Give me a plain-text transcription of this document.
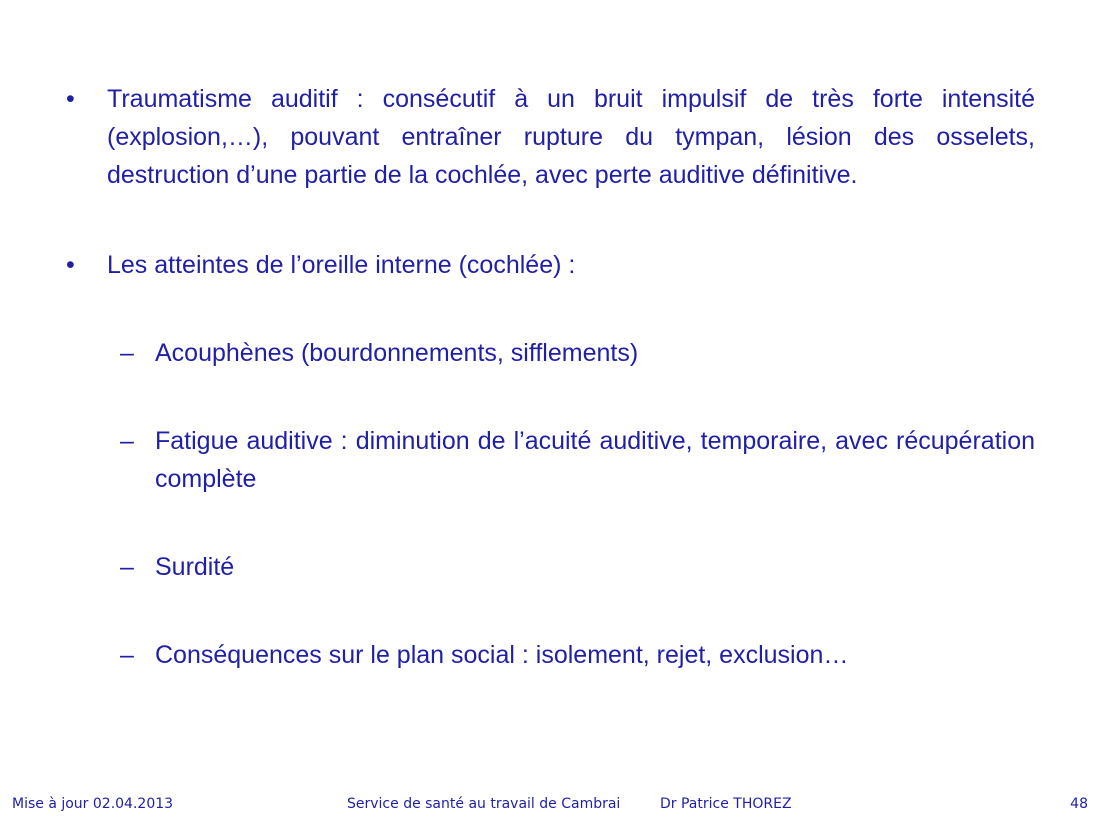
•	Traumatisme auditif : consécutif à un bruit impulsif de très forte intensité (explosion,…), pouvant entraîner rupture du tympan, lésion des osselets, destruction d’une partie de la cochlée, avec perte auditive définitive.
•	Les atteintes de l’oreille interne (cochlée) :
– Acouphènes (bourdonnements, sifflements)
– Fatigue auditive : diminution de l’acuité auditive, temporaire, avec récupération complète
– Surdité
– Conséquences sur le plan social : isolement, rejet, exclusion…
Mise à jour 02.04.2013	Service de santé au travail de Cambrai	Dr Patrice THOREZ	48
